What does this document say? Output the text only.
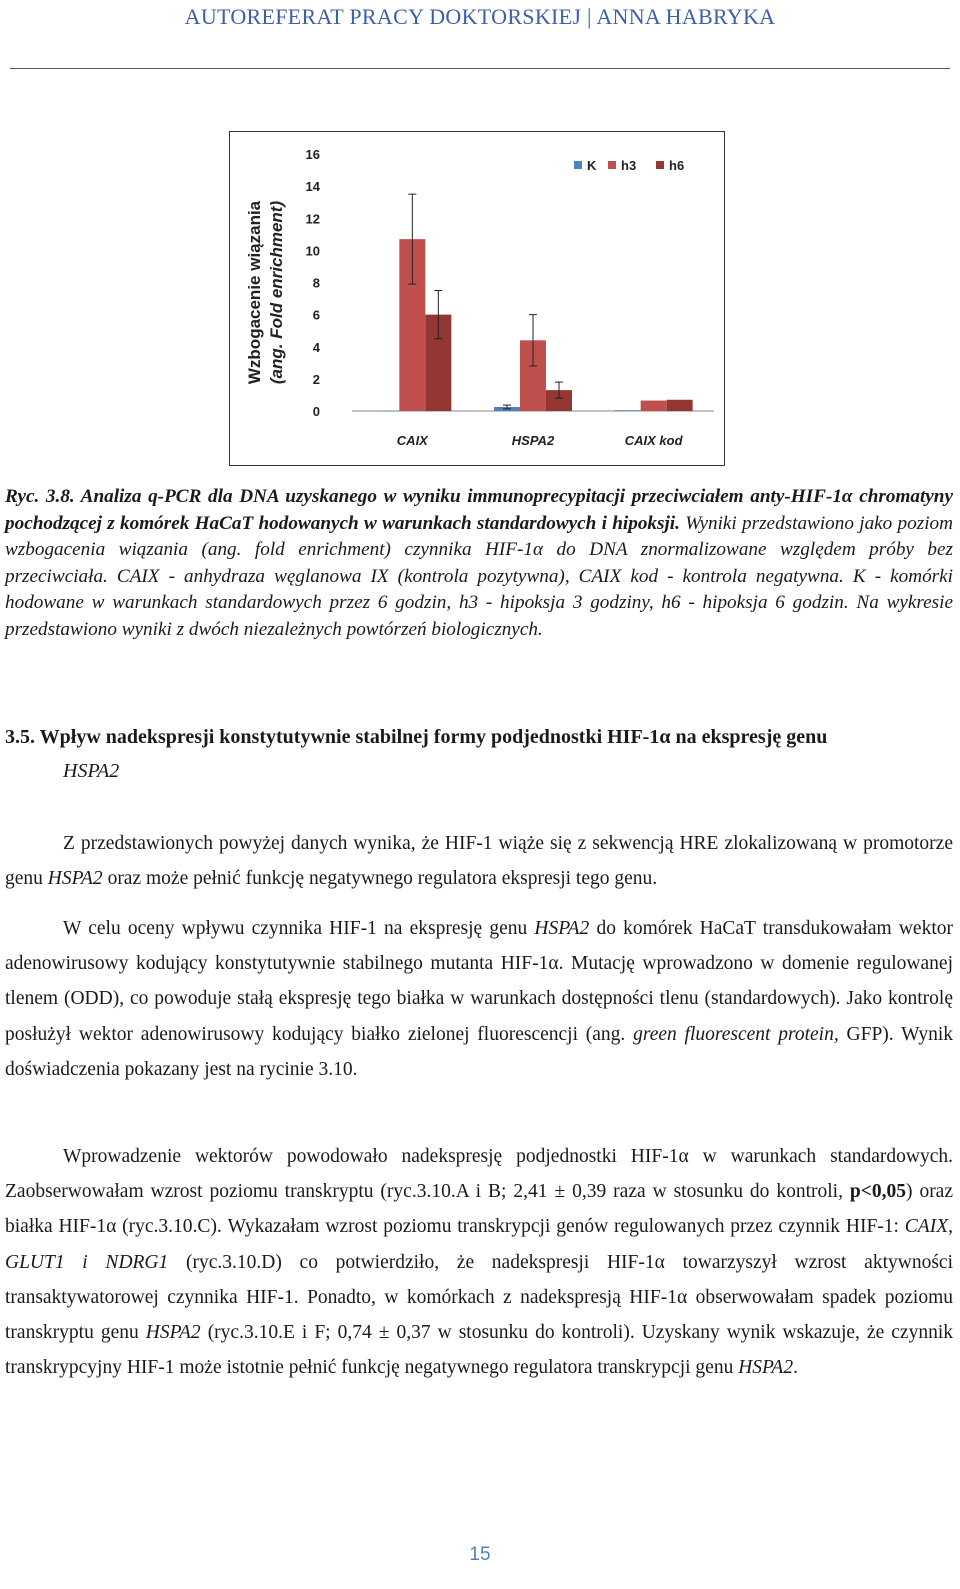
AUTOREFERAT PRACY DOKTORSKIEJ | ANNA HABRYKA
0
2
4
6
8
10
12
14
16
Wzbogacenie wiązania (ang. Fold enrichment)
CAIX	HSPA2	CAIX kod
K h3	h6
Ryc. 3.8. Analiza q-PCR dla DNA uzyskanego w wyniku immunoprecypitacji przeciwciałem anty-HIF-1α chromatyny pochodzącej z komórek HaCaT hodowanych w warunkach standardowych i hipoksji. Wyniki przedstawiono jako poziom wzbogacenia wiązania (ang. fold enrichment) czynnika HIF-1α do DNA znormalizowane względem próby bez przeciwciała. CAIX - anhydraza węglanowa IX (kontrola pozytywna), CAIX kod - kontrola negatywna. K - komórki hodowane w warunkach standardowych przez 6 godzin, h3 - hipoksja 3 godziny, h6 - hipoksja 6 godzin. Na wykresie przedstawiono wyniki z dwóch niezależnych powtórzeń biologicznych.
3.5. Wpływ nadekspresji konstytutywnie stabilnej formy podjednostki HIF-1α na ekspresję genu
HSPA2
Z przedstawionych powyżej danych wynika, że HIF-1 wiąże się z sekwencją HRE zlokalizowaną w promotorze genu HSPA2 oraz może pełnić funkcję negatywnego regulatora ekspresji tego genu.
W celu oceny wpływu czynnika HIF-1 na ekspresję genu HSPA2 do komórek HaCaT transdukowałam wektor adenowirusowy kodujący konstytutywnie stabilnego mutanta HIF-1α. Mutację wprowadzono w domenie regulowanej tlenem (ODD), co powoduje stałą ekspresję tego białka w warunkach dostępności tlenu (standardowych). Jako kontrolę posłużył wektor adenowirusowy kodujący białko zielonej fluorescencji (ang. green fluorescent protein, GFP). Wynik doświadczenia pokazany jest na rycinie 3.10.
Wprowadzenie wektorów powodowało nadekspresję podjednostki HIF-1α w warunkach standardowych. Zaobserwowałam wzrost poziomu transkryptu (ryc.3.10.A i B; 2,41 ± 0,39 raza w stosunku do kontroli, p<0,05) oraz białka HIF-1α (ryc.3.10.C). Wykazałam wzrost poziomu transkrypcji genów regulowanych przez czynnik HIF-1: CAIX, GLUT1 i NDRG1 (ryc.3.10.D) co potwierdziło, że nadekspresji HIF-1α towarzyszył wzrost aktywności transaktywatorowej czynnika HIF-1. Ponadto, w komórkach z nadekspresją HIF-1α obserwowałam spadek poziomu transkryptu genu HSPA2 (ryc.3.10.E i F; 0,74 ± 0,37 w stosunku do kontroli). Uzyskany wynik wskazuje, że czynnik transkrypcyjny HIF-1 może istotnie pełnić funkcję negatywnego regulatora transkrypcji genu HSPA2.
15
